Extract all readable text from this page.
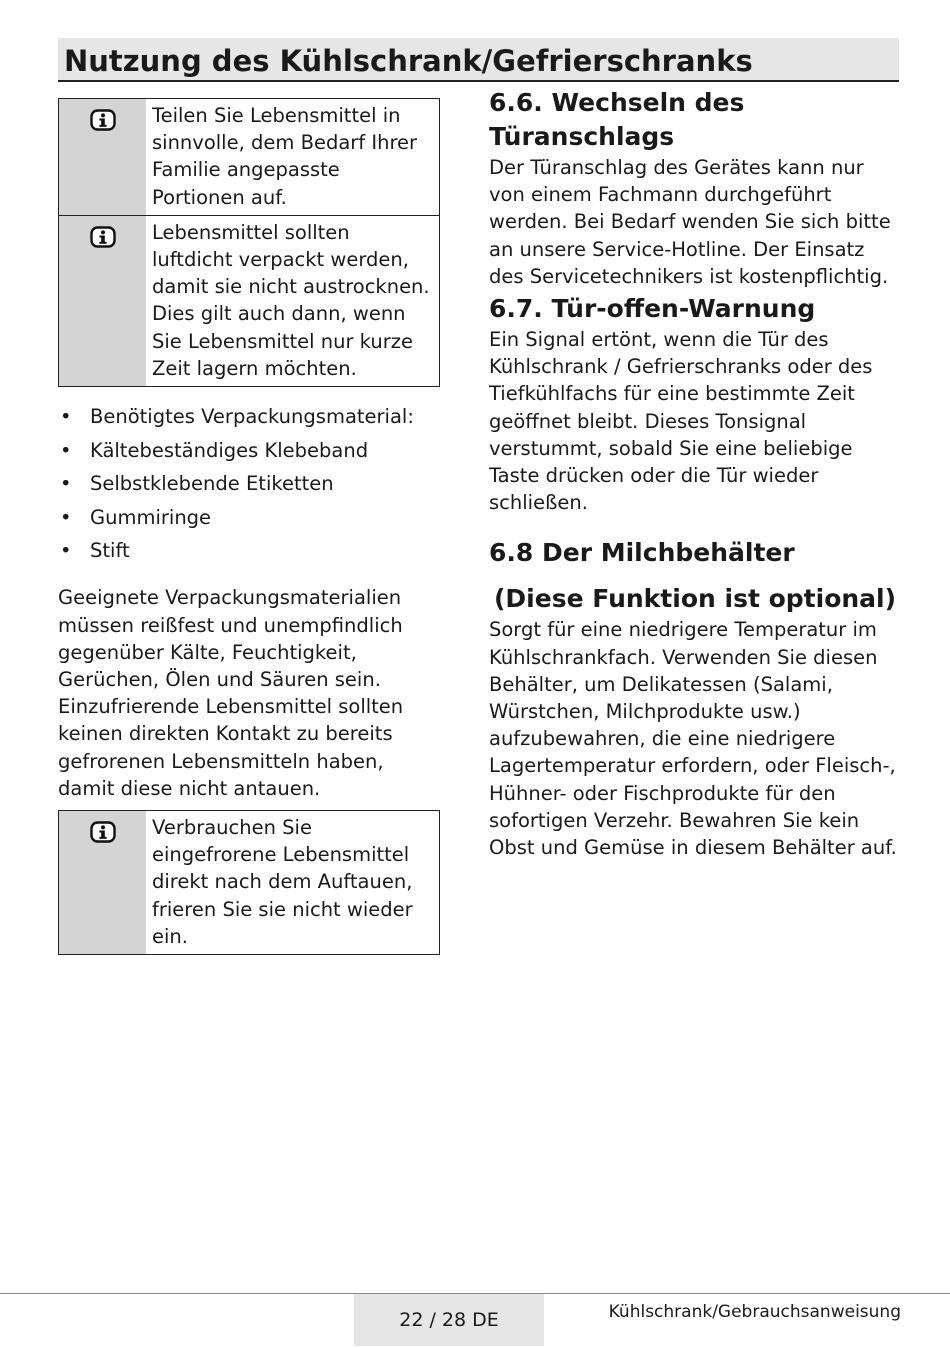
Nutzung des Kühlschrank/Gefrierschranks
Teilen Sie Lebensmittel in sinnvolle, dem Bedarf Ihrer Familie angepasste Portionen auf.
Lebensmittel sollten luftdicht verpackt werden, damit sie nicht austrocknen. Dies gilt auch dann, wenn Sie Lebensmittel nur kurze Zeit lagern möchten.
• Benötigtes Verpackungsmaterial:
• Kältebeständiges Klebeband
• Selbstklebende Etiketten
• Gummiringe
• Stift

Geeignete Verpackungsmaterialien müssen reißfest und unempfindlich gegenüber Kälte, Feuchtigkeit, Gerüchen, Ölen und Säuren sein. Einzufrierende Lebensmittel sollten keinen direkten Kontakt zu bereits gefrorenen Lebensmitteln haben, damit diese nicht antauen.

Verbrauchen Sie eingefrorene Lebensmittel direkt nach dem Auftauen, frieren Sie sie nicht wieder ein.
6.6. Wechseln des Türanschlags

Der Türanschlag des Gerätes kann nur von einem Fachmann durchgeführt werden. Bei Bedarf wenden Sie sich bitte an unsere Service-Hotline. Der Einsatz des Servicetechnikers ist kostenpflichtig.

6.7. Tür-offen-Warnung

Ein Signal ertönt, wenn die Tür des Kühlschrank / Gefrierschranks oder des Tiefkühlfachs für eine bestimmte Zeit geöffnet bleibt. Dieses Tonsignal verstummt, sobald Sie eine beliebige Taste drücken oder die Tür wieder schließen.

6.8 Der Milchbehälter
(Diese Funktion ist optional)

Sorgt für eine niedrigere Temperatur im Kühlschrankfach. Verwenden Sie diesen Behälter, um Delikatessen (Salami, Würstchen, Milchprodukte usw.) aufzubewahren, die eine niedrigere Lagertemperatur erfordern, oder Fleisch-, Hühner- oder Fischprodukte für den sofortigen Verzehr. Bewahren Sie kein Obst und Gemüse in diesem Behälter auf.

22 / 28 DE	Kühlschrank/Gebrauchsanweisung
